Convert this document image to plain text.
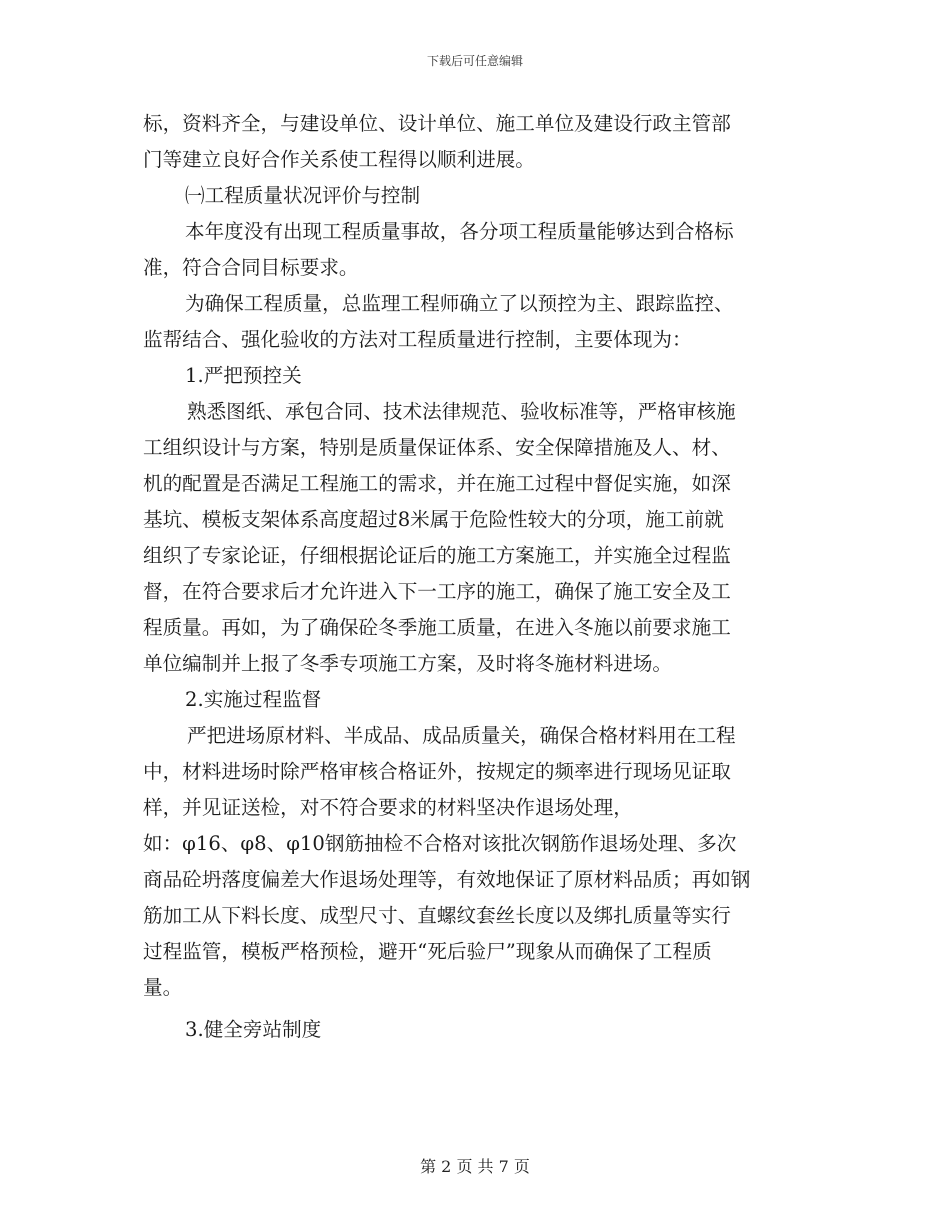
下载后可任意编辑
标，资料齐全，与建设单位、设计单位、施工单位及建设行政主管部
门等建立良好合作关系使工程得以顺利进展。
㈠工程质量状况评价与控制
本年度没有出现工程质量事故，各分项工程质量能够达到合格标
准，符合合同目标要求。
为确保工程质量，总监理工程师确立了以预控为主、跟踪监控、
监帮结合、强化验收的方法对工程质量进行控制，主要体现为：
1.严把预控关
熟悉图纸、承包合同、技术法律规范、验收标准等，严格审核施
工组织设计与方案，特别是质量保证体系、安全保障措施及人、材、
机的配置是否满足工程施工的需求，并在施工过程中督促实施，如深
基坑、模板支架体系高度超过8米属于危险性较大的分项，施工前就
组织了专家论证，仔细根据论证后的施工方案施工，并实施全过程监
督，在符合要求后才允许进入下一工序的施工，确保了施工安全及工
程质量。再如，为了确保砼冬季施工质量，在进入冬施以前要求施工
单位编制并上报了冬季专项施工方案，及时将冬施材料进场。
2.实施过程监督
严把进场原材料、半成品、成品质量关，确保合格材料用在工程
中，材料进场时除严格审核合格证外，按规定的频率进行现场见证取
样，并见证送检，对不符合要求的材料坚决作退场处理，
如：φ16、φ8、φ10钢筋抽检不合格对该批次钢筋作退场处理、多次
商品砼坍落度偏差大作退场处理等，有效地保证了原材料品质；再如钢
筋加工从下料长度、成型尺寸、直螺纹套丝长度以及绑扎质量等实行
过程监管，模板严格预检，避开“死后验尸”现象从而确保了工程质
量。
3.健全旁站制度
第 2 页 共 7 页
